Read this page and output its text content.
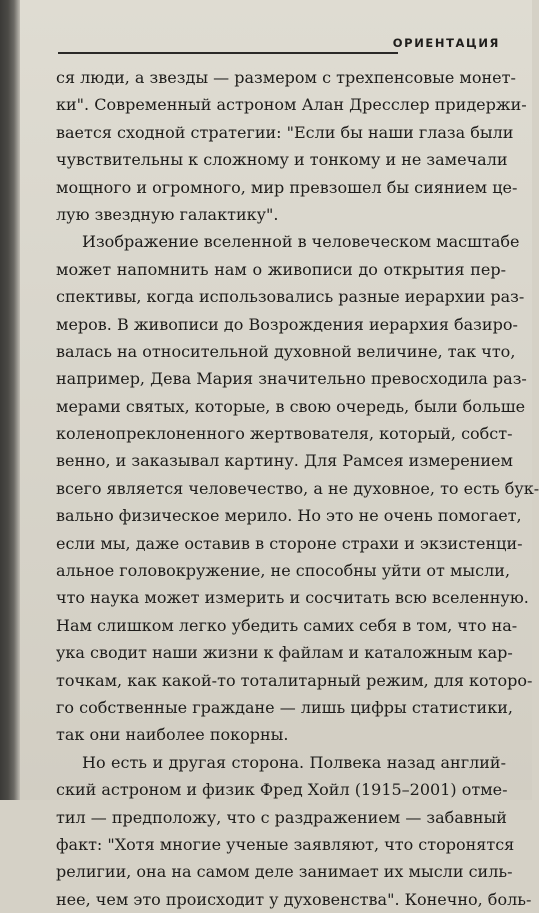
ОРИЕНТАЦИЯ
ся люди, а звезды — размером с трехпенсовые монет-
ки". Современный астроном Алан Дресслер придержи-
вается сходной стратегии: "Если бы наши глаза были
чувствительны к сложному и тонкому и не замечали
мощного и огромного, мир превзошел бы сиянием це-
лую звездную галактику".
Изображение вселенной в человеческом масштабе
может напомнить нам о живописи до открытия пер-
спективы, когда использовались разные иерархии раз-
меров. В живописи до Возрождения иерархия базиро-
валась на относительной духовной величине, так что,
например, Дева Мария значительно превосходила раз-
мерами святых, которые, в свою очередь, были больше
коленопреклоненного жертвователя, который, собст-
венно, и заказывал картину. Для Рамсея измерением
всего является человечество, а не духовное, то есть бук-
вально физическое мерило. Но это не очень помогает,
если мы, даже оставив в стороне страхи и экзистенци-
альное головокружение, не способны уйти от мысли,
что наука может измерить и сосчитать всю вселенную.
Нам слишком легко убедить самих себя в том, что на-
ука сводит наши жизни к файлам и каталожным кар-
точкам, как какой-то тоталитарный режим, для которо-
го собственные граждане — лишь цифры статистики,
так они наиболее покорны.
Но есть и другая сторона. Полвека назад англий-
ский астроном и физик Фред Хойл (1915–2001) отме-
тил — предположу, что с раздражением — забавный
факт: "Хотя многие ученые заявляют, что сторонятся
религии, она на самом деле занимает их мысли силь-
нее, чем это происходит у духовенства". Конечно, боль-
